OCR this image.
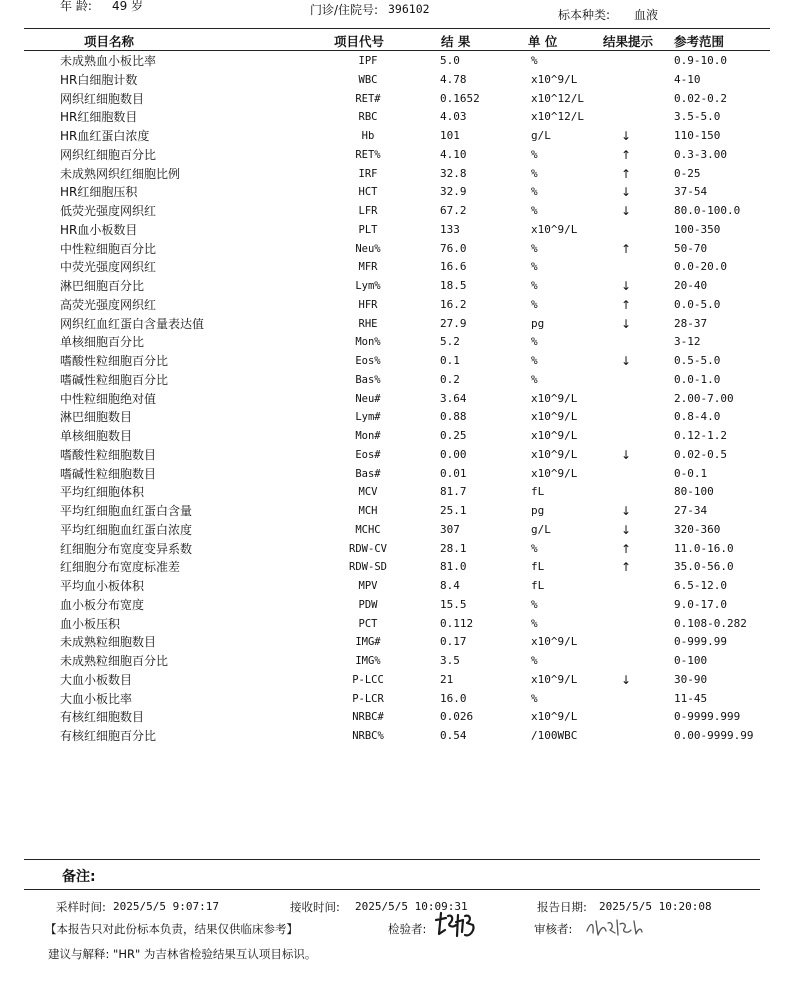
年 龄: 49 岁	门诊/住院号: 396102	标本种类: 血液
项目名称	项目代号	结 果	单 位	结果提示 参考范围
未成熟血小板比率	IPF	5.0	%	0.9-10.0
HR白细胞计数	WBC	4.78	x10^9/L	4-10
网织红细胞数目	RET#	0.1652	x10^12/L	0.02-0.2
HR红细胞数目	RBC	4.03	x10^12/L	3.5-5.0
HR血红蛋白浓度	Hb	101	g/L	↓	110-150
网织红细胞百分比	RET%	4.10	%	↑	0.3-3.00
未成熟网织红细胞比例	IRF	32.8	%	↑	0-25
HR红细胞压积	HCT	32.9	%	↓	37-54
低荧光强度网织红	LFR	67.2	%	↓	80.0-100.0
HR血小板数目	PLT	133	x10^9/L	100-350
中性粒细胞百分比	Neu%	76.0	%	↑	50-70
中荧光强度网织红	MFR	16.6	%	0.0-20.0
淋巴细胞百分比	Lym%	18.5	%	↓	20-40
高荧光强度网织红	HFR	16.2	%	↑	0.0-5.0
网织红血红蛋白含量表达值	RHE	27.9	pg	↓	28-37
单核细胞百分比	Mon%	5.2	%	3-12
嗜酸性粒细胞百分比	Eos%	0.1	%	↓	0.5-5.0
嗜碱性粒细胞百分比	Bas%	0.2	%	0.0-1.0
中性粒细胞绝对值	Neu#	3.64	x10^9/L	2.00-7.00
淋巴细胞数目	Lym#	0.88	x10^9/L	0.8-4.0
单核细胞数目	Mon#	0.25	x10^9/L	0.12-1.2
嗜酸性粒细胞数目	Eos#	0.00	x10^9/L	↓	0.02-0.5
嗜碱性粒细胞数目	Bas#	0.01	x10^9/L	0-0.1
平均红细胞体积	MCV	81.7	fL	80-100
平均红细胞血红蛋白含量	MCH	25.1	pg	↓	27-34
平均红细胞血红蛋白浓度	MCHC	307	g/L	↓	320-360
红细胞分布宽度变异系数	RDW-CV	28.1	%	↑	11.0-16.0
红细胞分布宽度标准差	RDW-SD	81.0	fL	↑	35.0-56.0
平均血小板体积	MPV	8.4	fL	6.5-12.0
血小板分布宽度	PDW	15.5	%	9.0-17.0
血小板压积	PCT	0.112	%	0.108-0.282
未成熟粒细胞数目	IMG#	0.17	x10^9/L	0-999.99
未成熟粒细胞百分比	IMG%	3.5	%	0-100
大血小板数目	P-LCC	21	x10^9/L	↓	30-90
大血小板比率	P-LCR	16.0	%	11-45
有核红细胞数目	NRBC#	0.026	x10^9/L	0-9999.999
有核红细胞百分比	NRBC%	0.54	/100WBC	0.00-9999.99
备注:
采样时间: 2025/5/5 9:07:17	接收时间: 2025/5/5 10:09:31	报告日期: 2025/5/5 10:20:08
【本报告只对此份标本负责，结果仅供临床参考】	检验者:	审核者:
建议与解释: "HR" 为吉林省检验结果互认项目标识。
